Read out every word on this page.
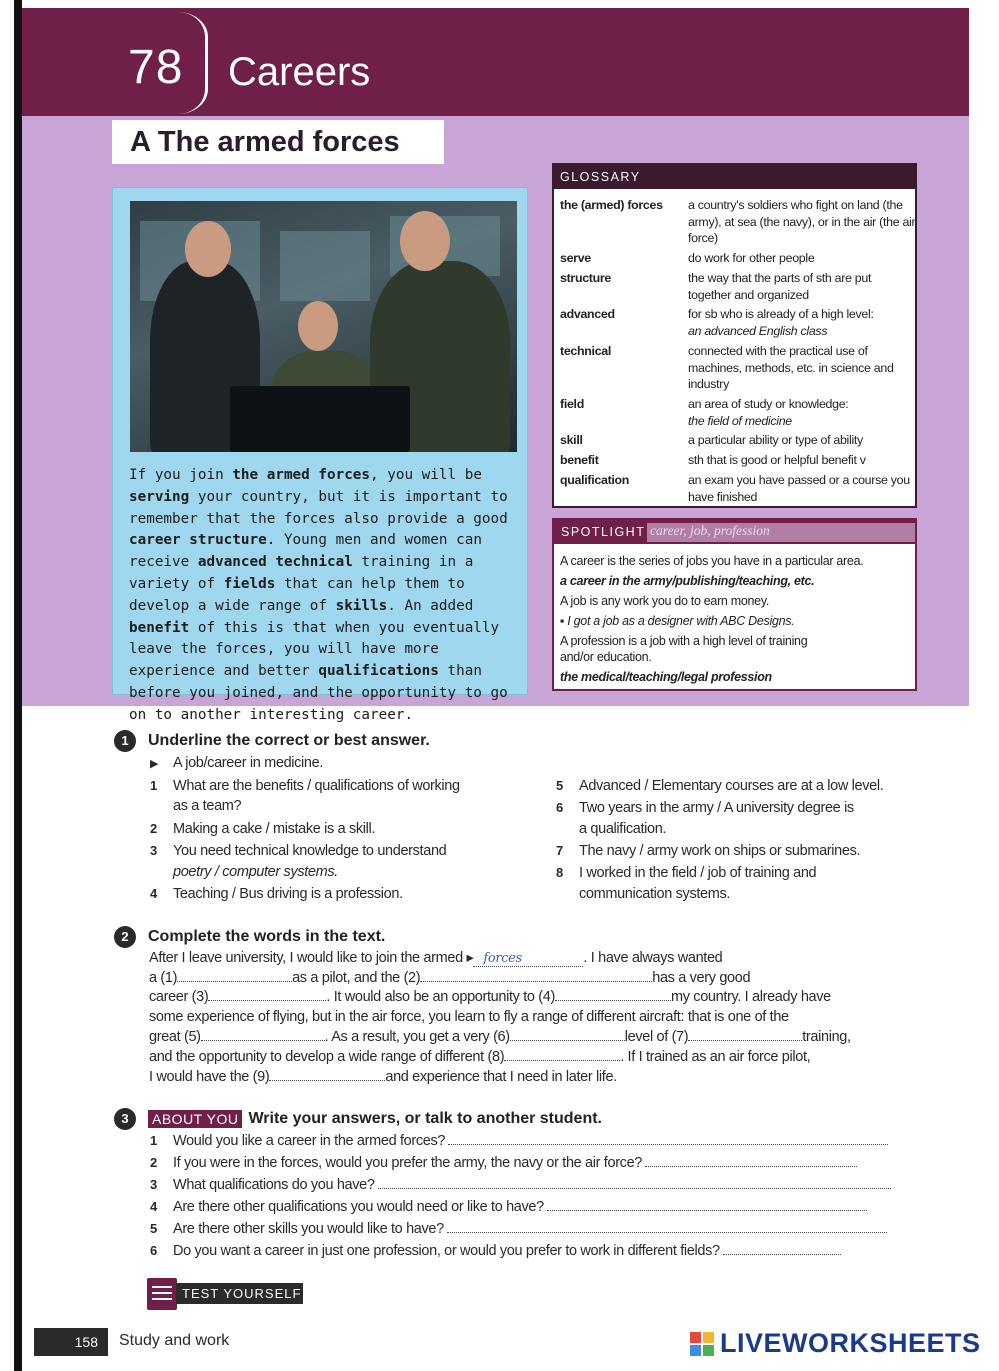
78 Careers
A The armed forces

If you join the armed forces, you will be serving your country, but it is important to remember that the forces also provide a good career structure. Young men and women can receive advanced technical training in a variety of fields that can help them to develop a wide range of skills. An added benefit of this is that when you eventually leave the forces, you will have more experience and better qualifications than before you joined, and the opportunity to go on to another interesting career.

GLOSSARY
the (armed) forces	a country's soldiers who fight on land (the army), at sea (the navy), or in the air (the air force)
serve	do work for other people
structure	the way that the parts of sth are put together and organized
advanced	for sb who is already of a high level:
an advanced English class
technical	connected with the practical use of machines, methods, etc. in science and industry
field	an area of study or knowledge:
the field of medicine
skill	a particular ability or type of ability
benefit	sth that is good or helpful benefit v
qualification	an exam you have passed or a course you have finished
SPOTLIGHT career, job, profession
A career is the series of jobs you have in a particular area.
a career in the army/publishing/teaching, etc.
A job is any work you do to earn money.
▪ I got a job as a designer with ABC Designs.
A profession is a job with a high level of training
and/or education.
the medical/teaching/legal profession
1 Underline the correct or best answer.
▶ A job/career in medicine.
1 What are the benefits / qualifications of working
as a team?
2 Making a cake / mistake is a skill.
3 You need technical knowledge to understand
poetry / computer systems.
4 Teaching / Bus driving is a profession.
5 Advanced / Elementary courses are at a low level.
6 Two years in the army / A university degree is
a qualification.
7 The navy / army work on ships or submarines.
8 I worked in the field / job of training and
communication systems.
2 Complete the words in the text.
After I leave university, I would like to join the armed ▸ forces	. I have always wanted
a (1)	as a pilot, and the (2)	has a very good
career (3)	. It would also be an opportunity to (4)	my country. I already have
some experience of flying, but in the air force, you learn to fly a range of different aircraft: that is one of the
great (5)	. As a result, you get a very (6)	level of (7)	training,
and the opportunity to develop a wide range of different (8)	. If I trained as an air force pilot,
I would have the (9)	and experience that I need in later life.
3 ABOUT YOU Write your answers, or talk to another student.
1 Would you like a career in the armed forces?
2 If you were in the forces, would you prefer the army, the navy or the air force?
3 What qualifications do you have?
4 Are there other qualifications you would need or like to have?
5 Are there other skills you would like to have?
6 Do you want a career in just one profession, or would you prefer to work in different fields?
TEST YOURSELF
158	Study and work	LIVEWORKSHEETS
